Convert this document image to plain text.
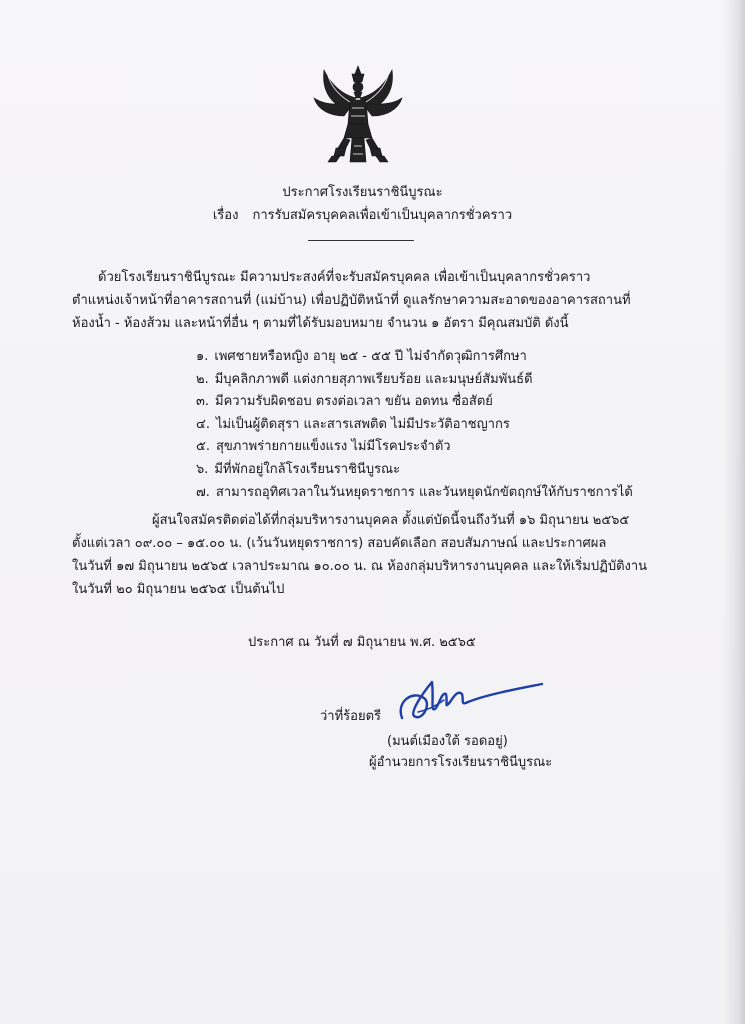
ประกาศโรงเรียนราชินีบูรณะ
เรื่อง การรับสมัครบุคคลเพื่อเข้าเป็นบุคลากรชั่วคราว
ด้วยโรงเรียนราชินีบูรณะ มีความประสงค์ที่จะรับสมัครบุคคล เพื่อเข้าเป็นบุคลากรชั่วคราว
ตำแหน่งเจ้าหน้าที่อาคารสถานที่ (แม่บ้าน) เพื่อปฏิบัติหน้าที่ ดูแลรักษาความสะอาดของอาคารสถานที่
ห้องน้ำ - ห้องส้วม และหน้าที่อื่น ๆ ตามที่ได้รับมอบหมาย จำนวน ๑ อัตรา มีคุณสมบัติ ดังนี้
๑. เพศชายหรือหญิง อายุ ๒๕ - ๕๕ ปี ไม่จำกัดวุฒิการศึกษา
๒. มีบุคลิกภาพดี แต่งกายสุภาพเรียบร้อย และมนุษย์สัมพันธ์ดี
๓. มีความรับผิดชอบ ตรงต่อเวลา ขยัน อดทน ซื่อสัตย์
๔. ไม่เป็นผู้ติดสุรา และสารเสพติด ไม่มีประวัติอาชญากร
๕. สุขภาพร่ายกายแข็งแรง ไม่มีโรคประจำตัว
๖. มีที่พักอยู่ใกล้โรงเรียนราชินีบูรณะ
๗. สามารถอุทิศเวลาในวันหยุดราชการ และวันหยุดนักขัตฤกษ์ให้กับราชการได้
ผู้สนใจสมัครติดต่อได้ที่กลุ่มบริหารงานบุคคล ตั้งแต่บัดนี้จนถึงวันที่ ๑๖ มิถุนายน ๒๕๖๕
ตั้งแต่เวลา ๐๙.๐๐ – ๑๕.๐๐ น. (เว้นวันหยุดราชการ) สอบคัดเลือก สอบสัมภาษณ์ และประกาศผล
ในวันที่ ๑๗ มิถุนายน ๒๕๖๕ เวลาประมาณ ๑๐.๐๐ น. ณ ห้องกลุ่มบริหารงานบุคคล และให้เริ่มปฏิบัติงาน
ในวันที่ ๒๐ มิถุนายน ๒๕๖๕ เป็นต้นไป
ประกาศ ณ วันที่ ๗ มิถุนายน พ.ศ. ๒๕๖๕
ว่าที่ร้อยตรี
(มนต์เมืองใต้ รอดอยู่)
ผู้อำนวยการโรงเรียนราชินีบูรณะ
